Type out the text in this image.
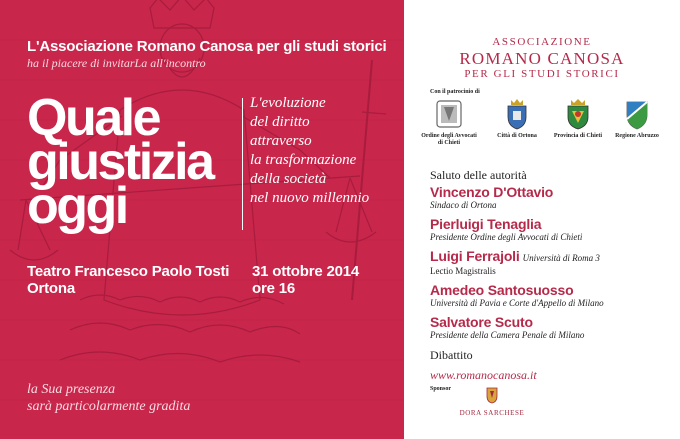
L'Associazione Romano Canosa per gli studi storici
ha il piacere di invitarLa all'incontro
Quale
giustizia
oggi
L'evoluzione
del diritto
attraverso
la trasformazione
della società
nel nuovo millennio
Teatro Francesco Paolo Tosti
Ortona
31 ottobre 2014
ore 16
la Sua presenza
sarà particolarmente gradita
ASSOCIAZIONE
ROMANO CANOSA
PER GLI STUDI STORICI
Con il patrocinio di
Ordine degli Avvocati
di Chieti
Città di Ortona	Provincia di Chieti	Regione Abruzzo
Saluto delle autorità
Vincenzo D'Ottavio
Sindaco di Ortona
Pierluigi Tenaglia
Presidente Ordine degli Avvocati di Chieti
Luigi Ferrajoli Università di Roma 3
Lectio Magistralis
Amedeo Santosuosso
Università di Pavia e Corte d'Appello di Milano
Salvatore Scuto
Presidente della Camera Penale di Milano
Dibattito
www.romanocanosa.it
Sponsor
DORA SARCHESE
